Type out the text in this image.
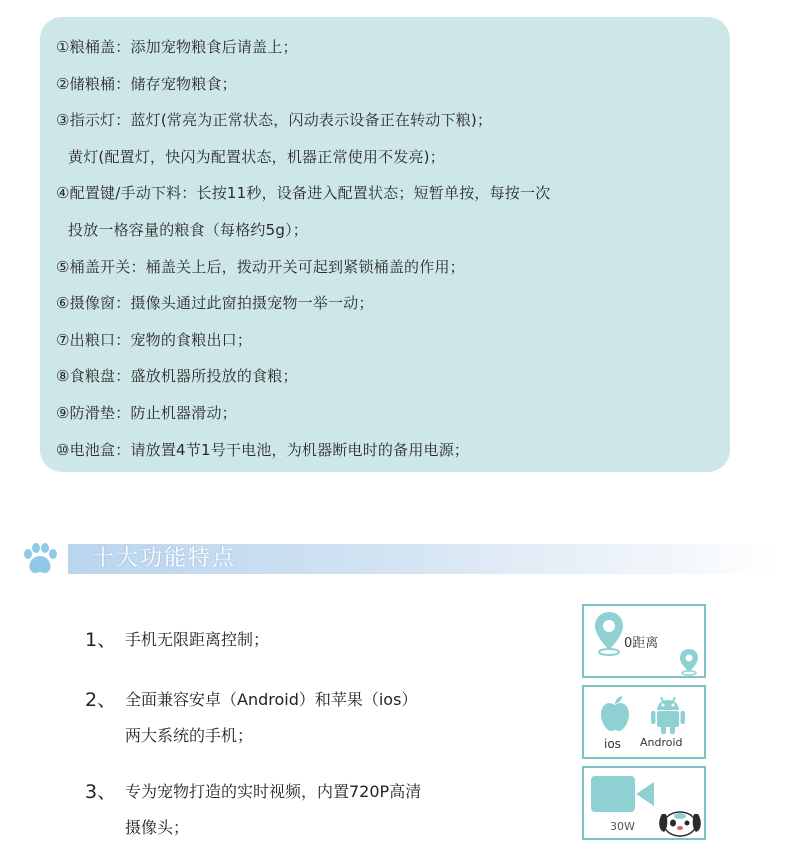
①粮桶盖：添加宠物粮食后请盖上；
②储粮桶：储存宠物粮食；
③指示灯：蓝灯(常亮为正常状态，闪动表示设备正在转动下粮)；
黄灯(配置灯，快闪为配置状态，机器正常使用不发亮)；
④配置键/手动下料：长按11秒，设备进入配置状态；短暂单按，每按一次
投放一格容量的粮食（每格约5g）；
⑤桶盖开关：桶盖关上后，拨动开关可起到紧锁桶盖的作用；
⑥摄像窗：摄像头通过此窗拍摄宠物一举一动；
⑦出粮口：宠物的食粮出口；
⑧食粮盘：盛放机器所投放的食粮；
⑨防滑垫：防止机器滑动；
⑩电池盒：请放置4节1号干电池，为机器断电时的备用电源；
十大功能特点
1、 手机无限距离控制；
2、 全面兼容安卓（Android）和苹果（ios）
两大系统的手机；
3、 专为宠物打造的实时视频，内置720P高清
摄像头；
0距离
ios Android
30W
